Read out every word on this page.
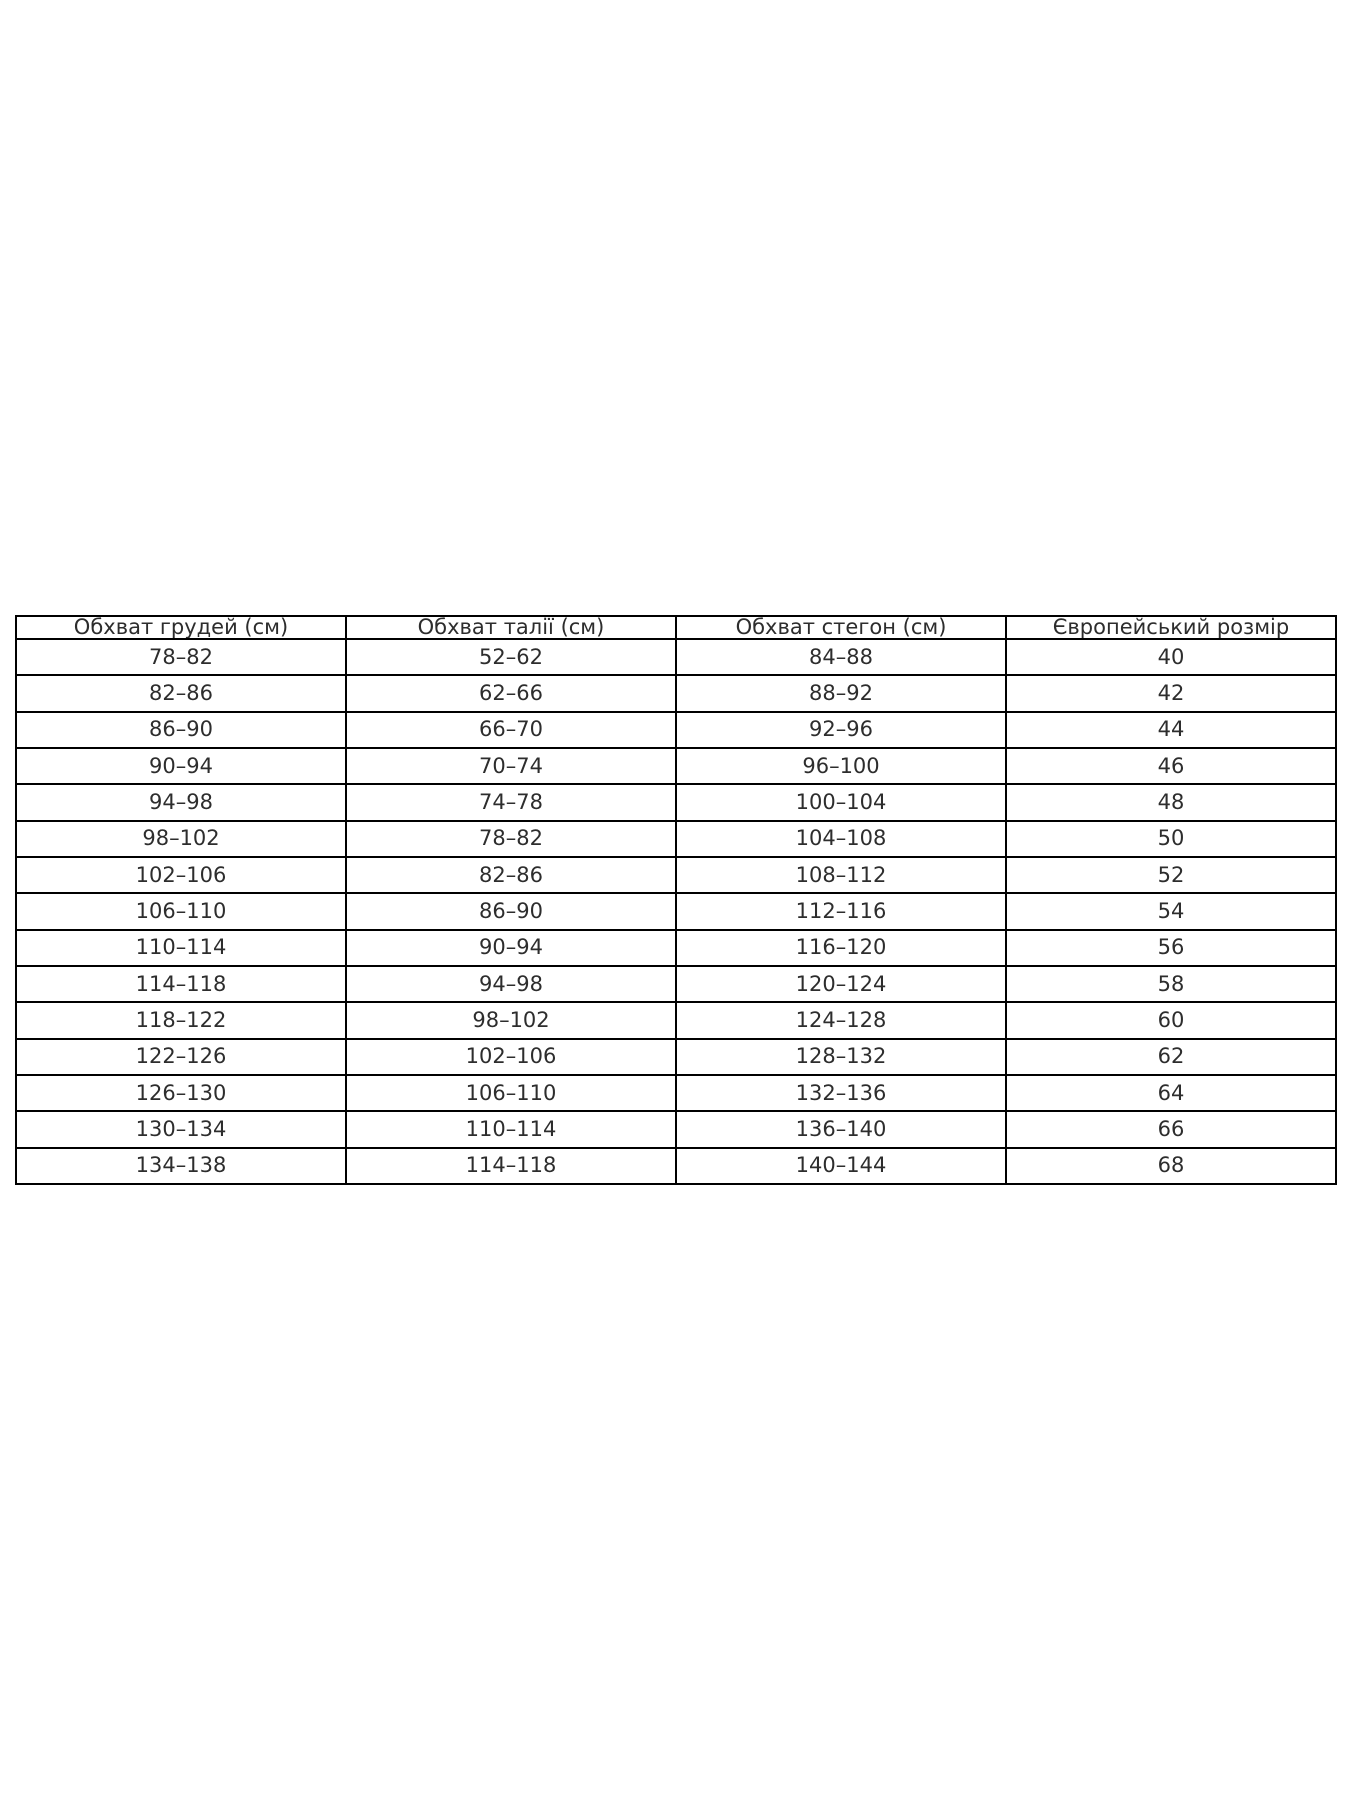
Обхват грудей (см)	Обхват талії (см)	Обхват стегон (см)	Європейський розмір
78–82	52–62	84–88	40
82–86	62–66	88–92	42
86–90	66–70	92–96	44
90–94	70–74	96–100	46
94–98	74–78	100–104	48
98–102	78–82	104–108	50
102–106	82–86	108–112	52
106–110	86–90	112–116	54
110–114	90–94	116–120	56
114–118	94–98	120–124	58
118–122	98–102	124–128	60
122–126	102–106	128–132	62
126–130	106–110	132–136	64
130–134	110–114	136–140	66
134–138	114–118	140–144	68
